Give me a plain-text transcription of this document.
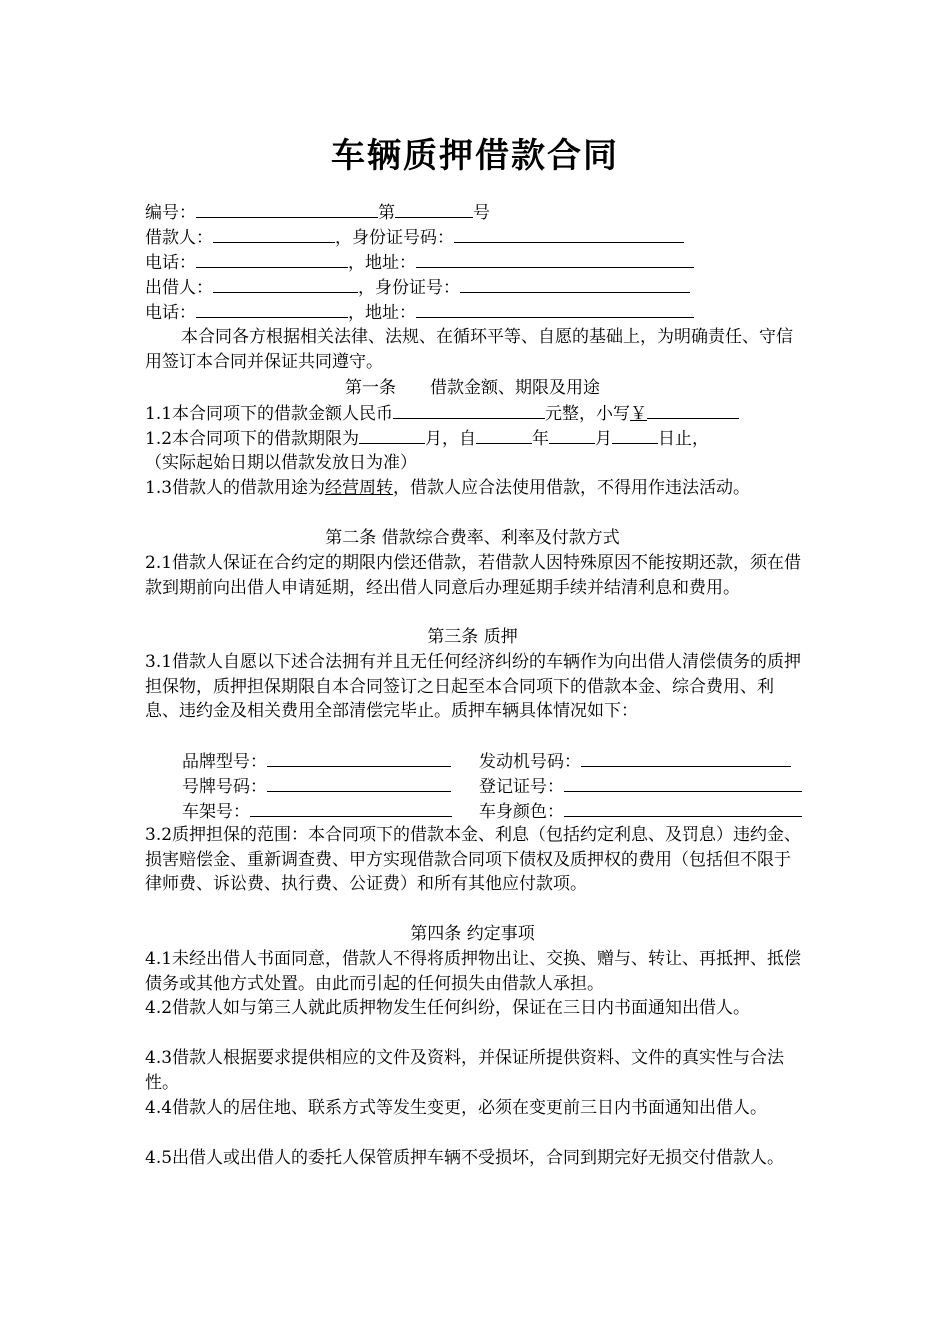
车辆质押借款合同
编号：	第	号
借款人：	，身份证号码：
电话：	，地址：
出借人：	，身份证号：
电话：	，地址：
本合同各方根据相关法律、法规、在循环平等、自愿的基础上，为明确责任、守信用签订本合同并保证共同遵守。
第一条　　借款金额、期限及用途
1.1本合同项下的借款金额人民币	元整，小写￥
1.2本合同项下的借款期限为	月，自	年	月	日止，
（实际起始日期以借款发放日为准）
1.3借款人的借款用途为经营周转，借款人应合法使用借款，不得用作违法活动。
第二条 借款综合费率、利率及付款方式
2.1借款人保证在合约定的期限内偿还借款，若借款人因特殊原因不能按期还款，须在借款到期前向出借人申请延期，经出借人同意后办理延期手续并结清利息和费用。
第三条 质押
3.1借款人自愿以下述合法拥有并且无任何经济纠纷的车辆作为向出借人清偿债务的质押担保物，质押担保期限自本合同签订之日起至本合同项下的借款本金、综合费用、利息、违约金及相关费用全部清偿完毕止。质押车辆具体情况如下：
品牌型号：	发动机号码：
号牌号码：	登记证号：
车架号：	车身颜色：
3.2质押担保的范围：本合同项下的借款本金、利息（包括约定利息、及罚息）违约金、损害赔偿金、重新调查费、甲方实现借款合同项下债权及质押权的费用（包括但不限于律师费、诉讼费、执行费、公证费）和所有其他应付款项。
第四条 约定事项
4.1未经出借人书面同意，借款人不得将质押物出让、交换、赠与、转让、再抵押、抵偿债务或其他方式处置。由此而引起的任何损失由借款人承担。
4.2借款人如与第三人就此质押物发生任何纠纷，保证在三日内书面通知出借人。
4.3借款人根据要求提供相应的文件及资料，并保证所提供资料、文件的真实性与合法性。
4.4借款人的居住地、联系方式等发生变更，必须在变更前三日内书面通知出借人。
4.5出借人或出借人的委托人保管质押车辆不受损坏，合同到期完好无损交付借款人。
